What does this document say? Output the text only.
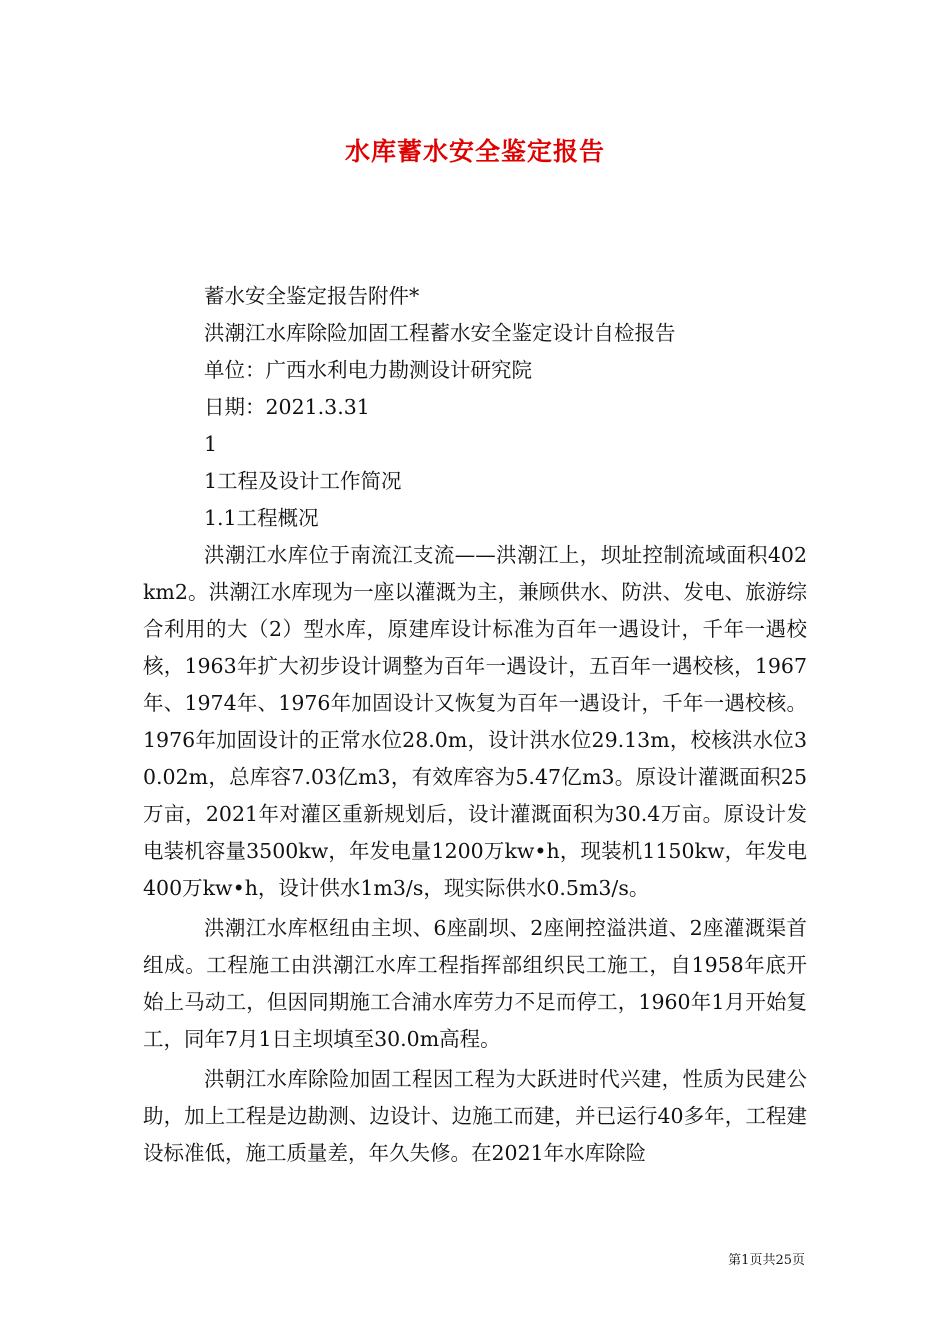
水库蓄水安全鉴定报告

蓄水安全鉴定报告附件*

洪潮江水库除险加固工程蓄水安全鉴定设计自检报告

单位：广西水利电力勘测设计研究院

日期：2021.3.31

1

1工程及设计工作简况

1.1工程概况

洪潮江水库位于南流江支流——洪潮江上，坝址控制流域面积402km2。洪潮江水库现为一座以灌溉为主，兼顾供水、防洪、发电、旅游综合利用的大（2）型水库，原建库设计标准为百年一遇设计，千年一遇校核，1963年扩大初步设计调整为百年一遇设计，五百年一遇校核，1967年、1974年、1976年加固设计又恢复为百年一遇设计，千年一遇校核。1976年加固设计的正常水位28.0m，设计洪水位29.13m，校核洪水位30.02m，总库容7.03亿m3，有效库容为5.47亿m3。原设计灌溉面积25万亩，2021年对灌区重新规划后，设计灌溉面积为30.4万亩。原设计发电装机容量3500kw，年发电量1200万kw•h，现装机1150kw，年发电400万kw•h，设计供水1m3/s，现实际供水0.5m3/s。

洪潮江水库枢纽由主坝、6座副坝、2座闸控溢洪道、2座灌溉渠首组成。工程施工由洪潮江水库工程指挥部组织民工施工，自1958年底开始上马动工，但因同期施工合浦水库劳力不足而停工，1960年1月开始复工，同年7月1日主坝填至30.0m高程。

洪朝江水库除险加固工程因工程为大跃进时代兴建，性质为民建公助，加上工程是边勘测、边设计、边施工而建，并已运行40多年，工程建设标准低，施工质量差，年久失修。在2021年水库除险

第1页共25页
